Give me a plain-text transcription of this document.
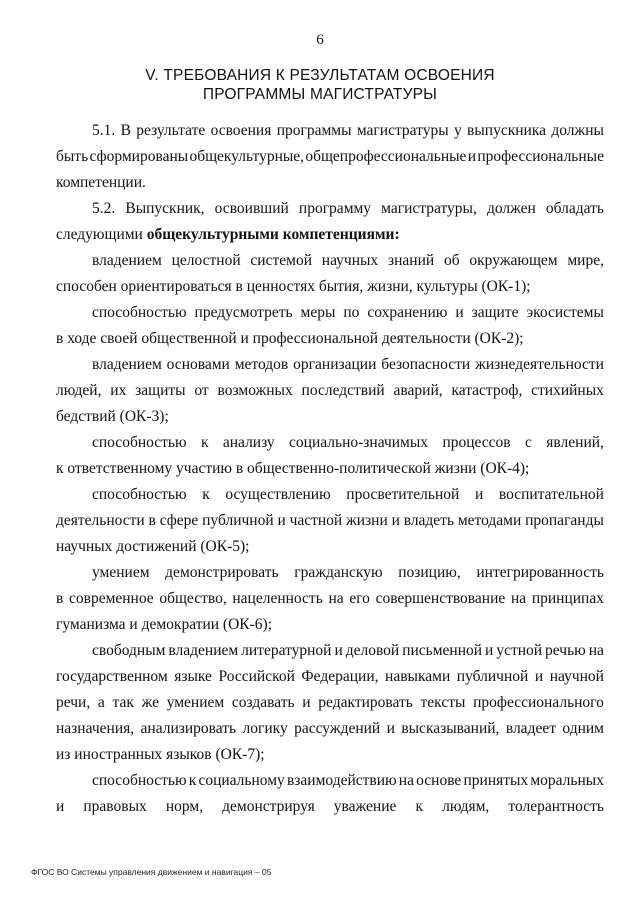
6
V. ТРЕБОВАНИЯ К РЕЗУЛЬТАТАМ ОСВОЕНИЯ
ПРОГРАММЫ МАГИСТРАТУРЫ
5.1. В результате освоения программы магистратуры у выпускника должны
быть сформированы общекультурные, общепрофессиональные и профессиональные
компетенции.
5.2. Выпускник, освоивший программу магистратуры, должен обладать
следующими общекультурными компетенциями:
владением целостной системой научных знаний об окружающем мире,
способен ориентироваться в ценностях бытия, жизни, культуры (ОК-1);
способностью предусмотреть меры по сохранению и защите экосистемы
в ходе своей общественной и профессиональной деятельности (ОК-2);
владением основами методов организации безопасности жизнедеятельности
людей, их защиты от возможных последствий аварий, катастроф, стихийных
бедствий (ОК-3);
способностью к анализу социально-значимых процессов с явлений,
к ответственному участию в общественно-политической жизни (ОК-4);
способностью к осуществлению просветительной и воспитательной
деятельности в сфере публичной и частной жизни и владеть методами пропаганды
научных достижений (ОК-5);
умением демонстрировать гражданскую позицию, интегрированность
в современное общество, нацеленность на его совершенствование на принципах
гуманизма и демократии (ОК-6);
свободным владением литературной и деловой письменной и устной речью на
государственном языке Российской Федерации, навыками публичной и научной
речи, а так же умением создавать и редактировать тексты профессионального
назначения, анализировать логику рассуждений и высказываний, владеет одним
из иностранных языков (ОК-7);
способностью к социальному взаимодействию на основе принятых моральных
и правовых норм, демонстрируя уважение к людям, толерантность
ФГОС ВО Системы управления движением и навигация – 05
